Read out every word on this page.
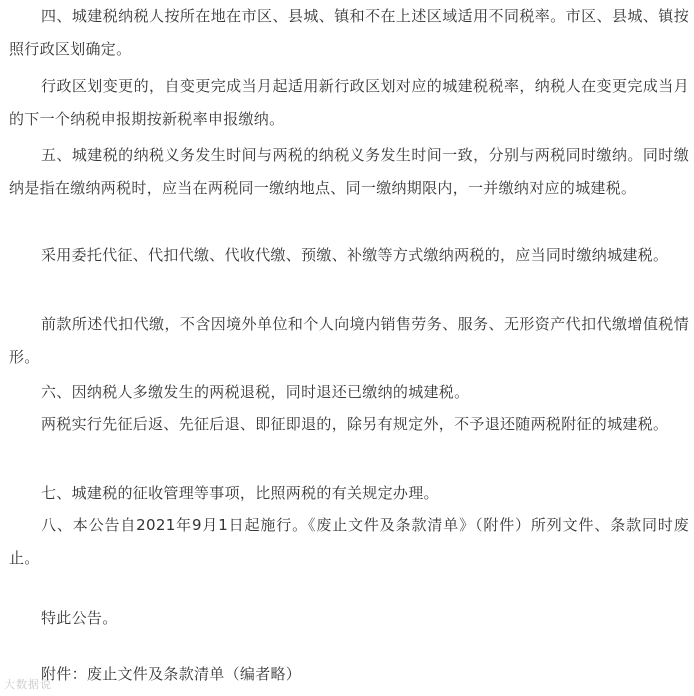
四、城建税纳税人按所在地在市区、县城、镇和不在上述区域适用不同税率。市区、县城、镇按照行政区划确定。

行政区划变更的，自变更完成当月起适用新行政区划对应的城建税税率，纳税人在变更完成当月的下一个纳税申报期按新税率申报缴纳。

五、城建税的纳税义务发生时间与两税的纳税义务发生时间一致，分别与两税同时缴纳。同时缴纳是指在缴纳两税时，应当在两税同一缴纳地点、同一缴纳期限内，一并缴纳对应的城建税。

采用委托代征、代扣代缴、代收代缴、预缴、补缴等方式缴纳两税的，应当同时缴纳城建税。

前款所述代扣代缴，不含因境外单位和个人向境内销售劳务、服务、无形资产代扣代缴增值税情形。

六、因纳税人多缴发生的两税退税，同时退还已缴纳的城建税。

两税实行先征后返、先征后退、即征即退的，除另有规定外，不予退还随两税附征的城建税。

七、城建税的征收管理等事项，比照两税的有关规定办理。

八、本公告自2021年9月1日起施行。《废止文件及条款清单》（附件）所列文件、条款同时废止。

特此公告。

附件：废止文件及条款清单（编者略）

大数据说
